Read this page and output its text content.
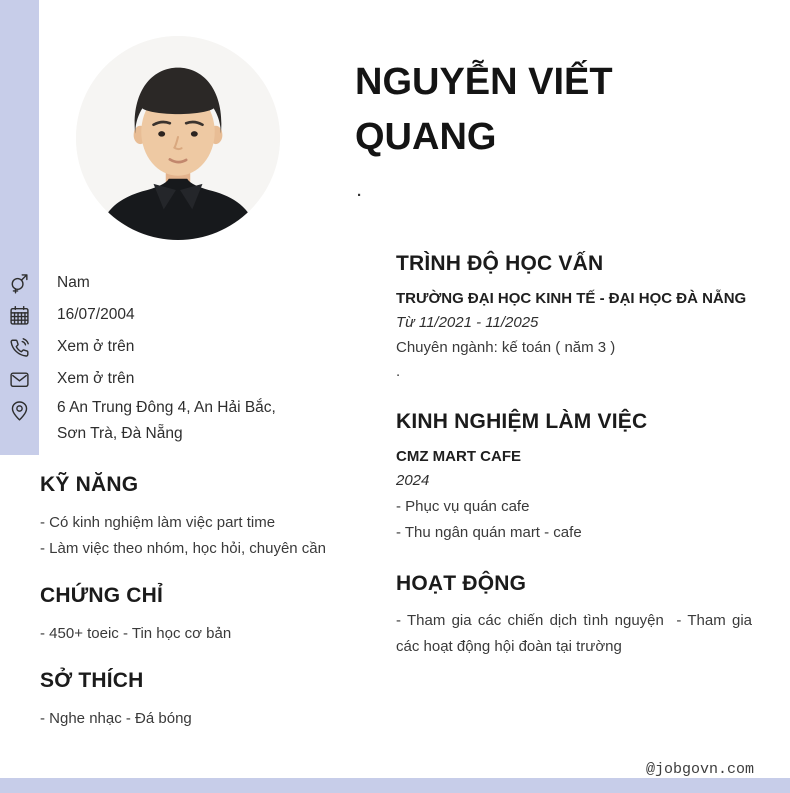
NGUYỄN VIẾT QUANG
.
Nam
16/07/2004
Xem ở trên
Xem ở trên
6 An Trung Đông 4, An Hải Bắc, Sơn Trà, Đà Nẵng
KỸ NĂNG

- Có kinh nghiệm làm việc part time

- Làm việc theo nhóm, học hỏi, chuyên cần

CHỨNG CHỈ

- 450+ toeic - Tin học cơ bản

SỞ THÍCH

- Nghe nhạc - Đá bóng

TRÌNH ĐỘ HỌC VẤN

TRƯỜNG ĐẠI HỌC KINH TẾ - ĐẠI HỌC ĐÀ NẴNG

Từ 11/2021 - 11/2025

Chuyên ngành: kế toán ( năm 3 )

.

KINH NGHIỆM LÀM VIỆC

CMZ MART CAFE

2024

- Phục vụ quán cafe

- Thu ngân quán mart - cafe

HOẠT ĐỘNG

- Tham gia các chiến dịch tình nguyện  - Tham gia các hoạt động hội đoàn tại trường

@jobgovn.com
